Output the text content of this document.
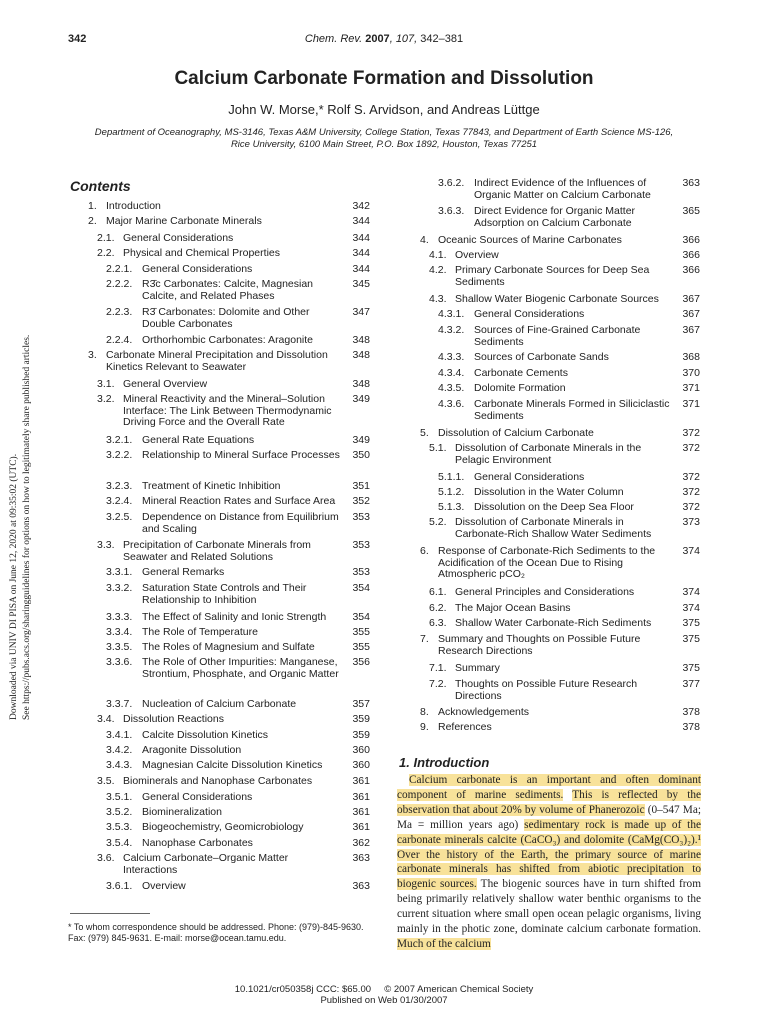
342	Chem. Rev. 2007, 107, 342–381
Calcium Carbonate Formation and Dissolution
John W. Morse,* Rolf S. Arvidson, and Andreas Lüttge
Department of Oceanography, MS-3146, Texas A&M University, College Station, Texas 77843, and Department of Earth Science MS-126,
Rice University, 6100 Main Street, P.O. Box 1892, Houston, Texas 77251
Downloaded via UNIV DI PISA on June 12, 2020 at 09:35:02 (UTC). See https://pubs.acs.org/sharingguidelines for options on how to legitimately share published articles.
Contents
1. Introduction	342
2. Major Marine Carbonate Minerals	344
2.1. General Considerations	344
2.2. Physical and Chemical Properties	344
2.2.1. General Considerations	344
2.2.2. R3̄c Carbonates: Calcite, Magnesian Calcite, and Related Phases
345
2.2.3. R3̄ Carbonates: Dolomite and Other Double Carbonates
347
2.2.4. Orthorhombic Carbonates: Aragonite	348
3. Carbonate Mineral Precipitation and Dissolution Kinetics Relevant to Seawater
348
3.1. General Overview	348
3.2. Mineral Reactivity and the Mineral–Solution Interface: The Link Between Thermodynamic Driving Force and the Overall Rate
349
3.2.1. General Rate Equations	349
3.2.2. Relationship to Mineral Surface Processes	350
3.2.3. Treatment of Kinetic Inhibition	351
3.2.4. Mineral Reaction Rates and Surface Area	352
3.2.5. Dependence on Distance from Equilibrium and Scaling
353
3.3. Precipitation of Carbonate Minerals from Seawater and Related Solutions
353
3.3.1. General Remarks	353
3.3.2. Saturation State Controls and Their Relationship to Inhibition
354
3.3.3. The Effect of Salinity and Ionic Strength	354
3.3.4. The Role of Temperature	355
3.3.5. The Roles of Magnesium and Sulfate	355
3.3.6. The Role of Other Impurities: Manganese, Strontium, Phosphate, and Organic Matter
356
3.3.7. Nucleation of Calcium Carbonate	357
3.4. Dissolution Reactions	359
3.4.1. Calcite Dissolution Kinetics	359
3.4.2. Aragonite Dissolution	360
3.4.3. Magnesian Calcite Dissolution Kinetics	360
3.5. Biominerals and Nanophase Carbonates	361
3.5.1. General Considerations	361
3.5.2. Biomineralization	361
3.5.3. Biogeochemistry, Geomicrobiology	361
3.5.4. Nanophase Carbonates	362
3.6. Calcium Carbonate–Organic Matter Interactions
363
3.6.1. Overview	363
3.6.2. Indirect Evidence of the Influences of Organic Matter on Calcium Carbonate
363
3.6.3. Direct Evidence for Organic Matter Adsorption on Calcium Carbonate
365
4. Oceanic Sources of Marine Carbonates	366
4.1. Overview	366
4.2. Primary Carbonate Sources for Deep Sea Sediments
366
4.3. Shallow Water Biogenic Carbonate Sources	367
4.3.1. General Considerations	367
4.3.2. Sources of Fine-Grained Carbonate Sediments
367
4.3.3. Sources of Carbonate Sands	368
4.3.4. Carbonate Cements	370
4.3.5. Dolomite Formation	371
4.3.6. Carbonate Minerals Formed in Siliciclastic Sediments
371
5. Dissolution of Calcium Carbonate	372
5.1. Dissolution of Carbonate Minerals in the Pelagic Environment
372
5.1.1. General Considerations	372
5.1.2. Dissolution in the Water Column	372
5.1.3. Dissolution on the Deep Sea Floor	372
5.2. Dissolution of Carbonate Minerals in Carbonate-Rich Shallow Water Sediments
373
6. Response of Carbonate-Rich Sediments to the Acidification of the Ocean Due to Rising Atmospheric pCO₂
374
6.1. General Principles and Considerations	374
6.2. The Major Ocean Basins	374
6.3. Shallow Water Carbonate-Rich Sediments	375
7. Summary and Thoughts on Possible Future Research Directions
375
7.1. Summary	375
7.2. Thoughts on Possible Future Research Directions
377
8. Acknowledgements	378
9. References	378
1. Introduction

Calcium carbonate is an important and often dominant component of marine sediments. This is reflected by the observation that about 20% by volume of Phanerozoic (0–547 Ma; Ma = million years ago) sedimentary rock is made up of the carbonate minerals calcite (CaCO₃) and dolomite (CaMg(CO₃)₂).¹ Over the history of the Earth, the primary source of marine carbonate minerals has shifted from abiotic precipitation to biogenic sources. The biogenic sources have in turn shifted from being primarily relatively shallow water benthic organisms to the current situation where small open ocean pelagic organisms, living mainly in the photic zone, dominate calcium carbonate formation. Much of the calcium

* To whom correspondence should be addressed. Phone: (979)-845-9630.
Fax: (979) 845-9631. E-mail: morse@ocean.tamu.edu.
10.1021/cr050358j CCC: $65.00     © 2007 American Chemical Society
Published on Web 01/30/2007
